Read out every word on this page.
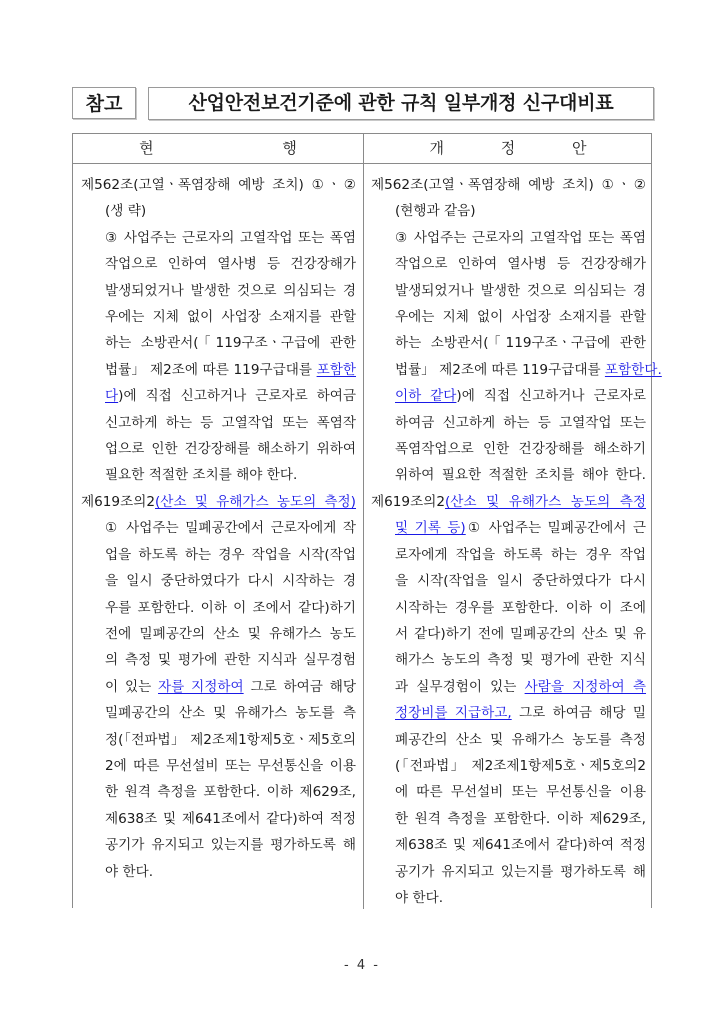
참고	산업안전보건기준에 관한 규칙 일부개정 신구대비표
현 행	개 정 안
제562조(고열ㆍ폭염장해 예방 조치) ①ㆍ②
(생 략)
③ 사업주는 근로자의 고열작업 또는 폭염
작업으로 인하여 열사병 등 건강장해가
발생되었거나 발생한 것으로 의심되는 경
우에는 지체 없이 사업장 소재지를 관할
하는 소방관서(「119구조ㆍ구급에 관한
법률」 제2조에 따른 119구급대를 포함한
다)에 직접 신고하거나 근로자로 하여금
신고하게 하는 등 고열작업 또는 폭염작
업으로 인한 건강장해를 해소하기 위하여
필요한 적절한 조치를 해야 한다.
제619조의2(산소 및 유해가스 농도의 측정)
① 사업주는 밀폐공간에서 근로자에게 작
업을 하도록 하는 경우 작업을 시작(작업
을 일시 중단하였다가 다시 시작하는 경
우를 포함한다. 이하 이 조에서 같다)하기
전에 밀폐공간의 산소 및 유해가스 농도
의 측정 및 평가에 관한 지식과 실무경험
이 있는 자를 지정하여 그로 하여금 해당
밀폐공간의 산소 및 유해가스 농도를 측
정(「전파법」 제2조제1항제5호ㆍ제5호의
2에 따른 무선설비 또는 무선통신을 이용
한 원격 측정을 포함한다. 이하 제629조,
제638조 및 제641조에서 같다)하여 적정
공기가 유지되고 있는지를 평가하도록 해
야 한다.
제562조(고열ㆍ폭염장해 예방 조치) ①ㆍ②
(현행과 같음)
③ 사업주는 근로자의 고열작업 또는 폭염
작업으로 인하여 열사병 등 건강장해가
발생되었거나 발생한 것으로 의심되는 경
우에는 지체 없이 사업장 소재지를 관할
하는 소방관서(「119구조ㆍ구급에 관한
법률」 제2조에 따른 119구급대를 포함한다.
이하 같다)에 직접 신고하거나 근로자로
하여금 신고하게 하는 등 고열작업 또는
폭염작업으로 인한 건강장해를 해소하기
위하여 필요한 적절한 조치를 해야 한다.
제619조의2(산소 및 유해가스 농도의 측정
및 기록 등)① 사업주는 밀폐공간에서 근
로자에게 작업을 하도록 하는 경우 작업
을 시작(작업을 일시 중단하였다가 다시
시작하는 경우를 포함한다. 이하 이 조에
서 같다)하기 전에 밀폐공간의 산소 및 유
해가스 농도의 측정 및 평가에 관한 지식
과 실무경험이 있는 사람을 지정하여 측
정장비를 지급하고, 그로 하여금 해당 밀
폐공간의 산소 및 유해가스 농도를 측정
(「전파법」 제2조제1항제5호ㆍ제5호의2
에 따른 무선설비 또는 무선통신을 이용
한 원격 측정을 포함한다. 이하 제629조,
제638조 및 제641조에서 같다)하여 적정
공기가 유지되고 있는지를 평가하도록 해
야 한다.
- 4 -
